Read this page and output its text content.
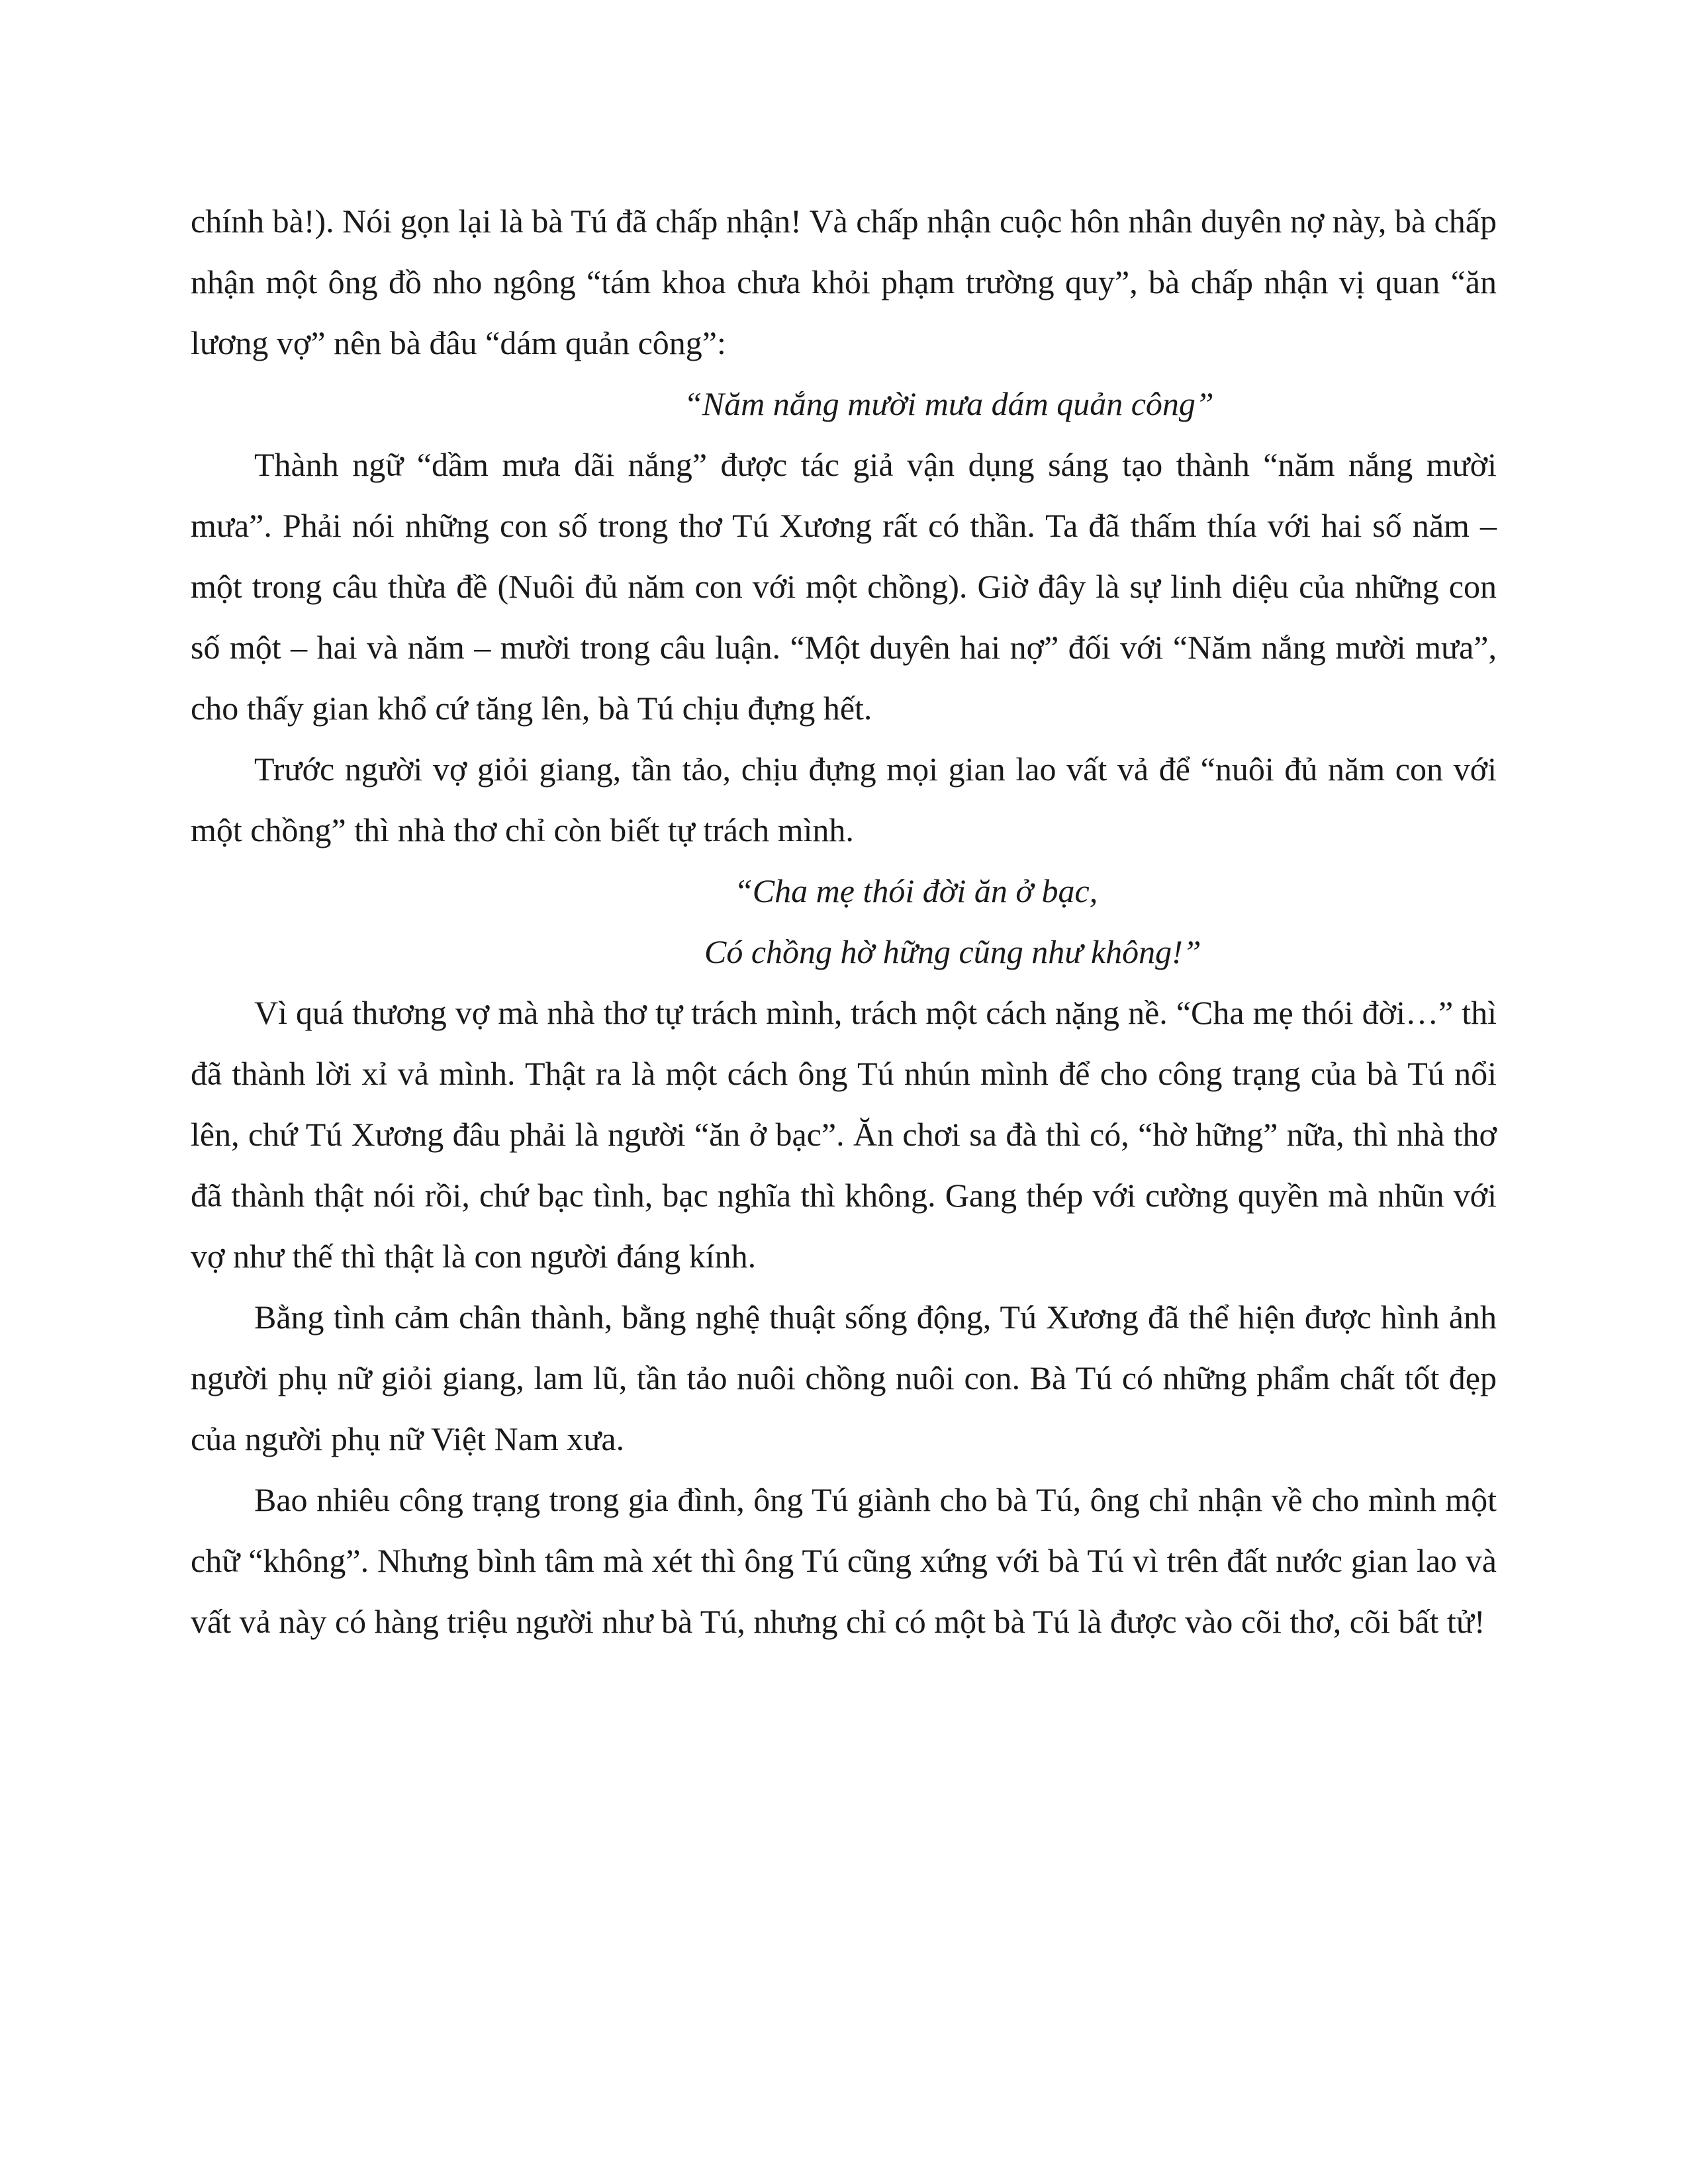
chính bà!). Nói gọn lại là bà Tú đã chấp nhận! Và chấp nhận cuộc hôn nhân duyên nợ này, bà chấp nhận một ông đồ nho ngông “tám khoa chưa khỏi phạm trường quy”, bà chấp nhận vị quan “ăn lương vợ” nên bà đâu “dám quản công”:

“Năm nắng mười mưa dám quản công”

Thành ngữ “dầm mưa dãi nắng” được tác giả vận dụng sáng tạo thành “năm nắng mười mưa”. Phải nói những con số trong thơ Tú Xương rất có thần. Ta đã thấm thía với hai số năm – một trong câu thừa đề (Nuôi đủ năm con với một chồng). Giờ đây là sự linh diệu của những con số một – hai và năm – mười trong câu luận. “Một duyên hai nợ” đối với “Năm nắng mười mưa”, cho thấy gian khổ cứ tăng lên, bà Tú chịu đựng hết.

Trước người vợ giỏi giang, tần tảo, chịu đựng mọi gian lao vất vả để “nuôi đủ năm con với một chồng” thì nhà thơ chỉ còn biết tự trách mình.

“Cha mẹ thói đời ăn ở bạc,

Có chồng hờ hững cũng như không!”

Vì quá thương vợ mà nhà thơ tự trách mình, trách một cách nặng nề. “Cha mẹ thói đời…” thì đã thành lời xỉ vả mình. Thật ra là một cách ông Tú nhún mình để cho công trạng của bà Tú nổi lên, chứ Tú Xương đâu phải là người “ăn ở bạc”. Ăn chơi sa đà thì có, “hờ hững” nữa, thì nhà thơ đã thành thật nói rồi, chứ bạc tình, bạc nghĩa thì không. Gang thép với cường quyền mà nhũn với vợ như thế thì thật là con người đáng kính.

Bằng tình cảm chân thành, bằng nghệ thuật sống động, Tú Xương đã thể hiện được hình ảnh người phụ nữ giỏi giang, lam lũ, tần tảo nuôi chồng nuôi con. Bà Tú có những phẩm chất tốt đẹp của người phụ nữ Việt Nam xưa.

Bao nhiêu công trạng trong gia đình, ông Tú giành cho bà Tú, ông chỉ nhận về cho mình một chữ “không”. Nhưng bình tâm mà xét thì ông Tú cũng xứng với bà Tú vì trên đất nước gian lao và vất vả này có hàng triệu người như bà Tú, nhưng chỉ có một bà Tú là được vào cõi thơ, cõi bất tử!
